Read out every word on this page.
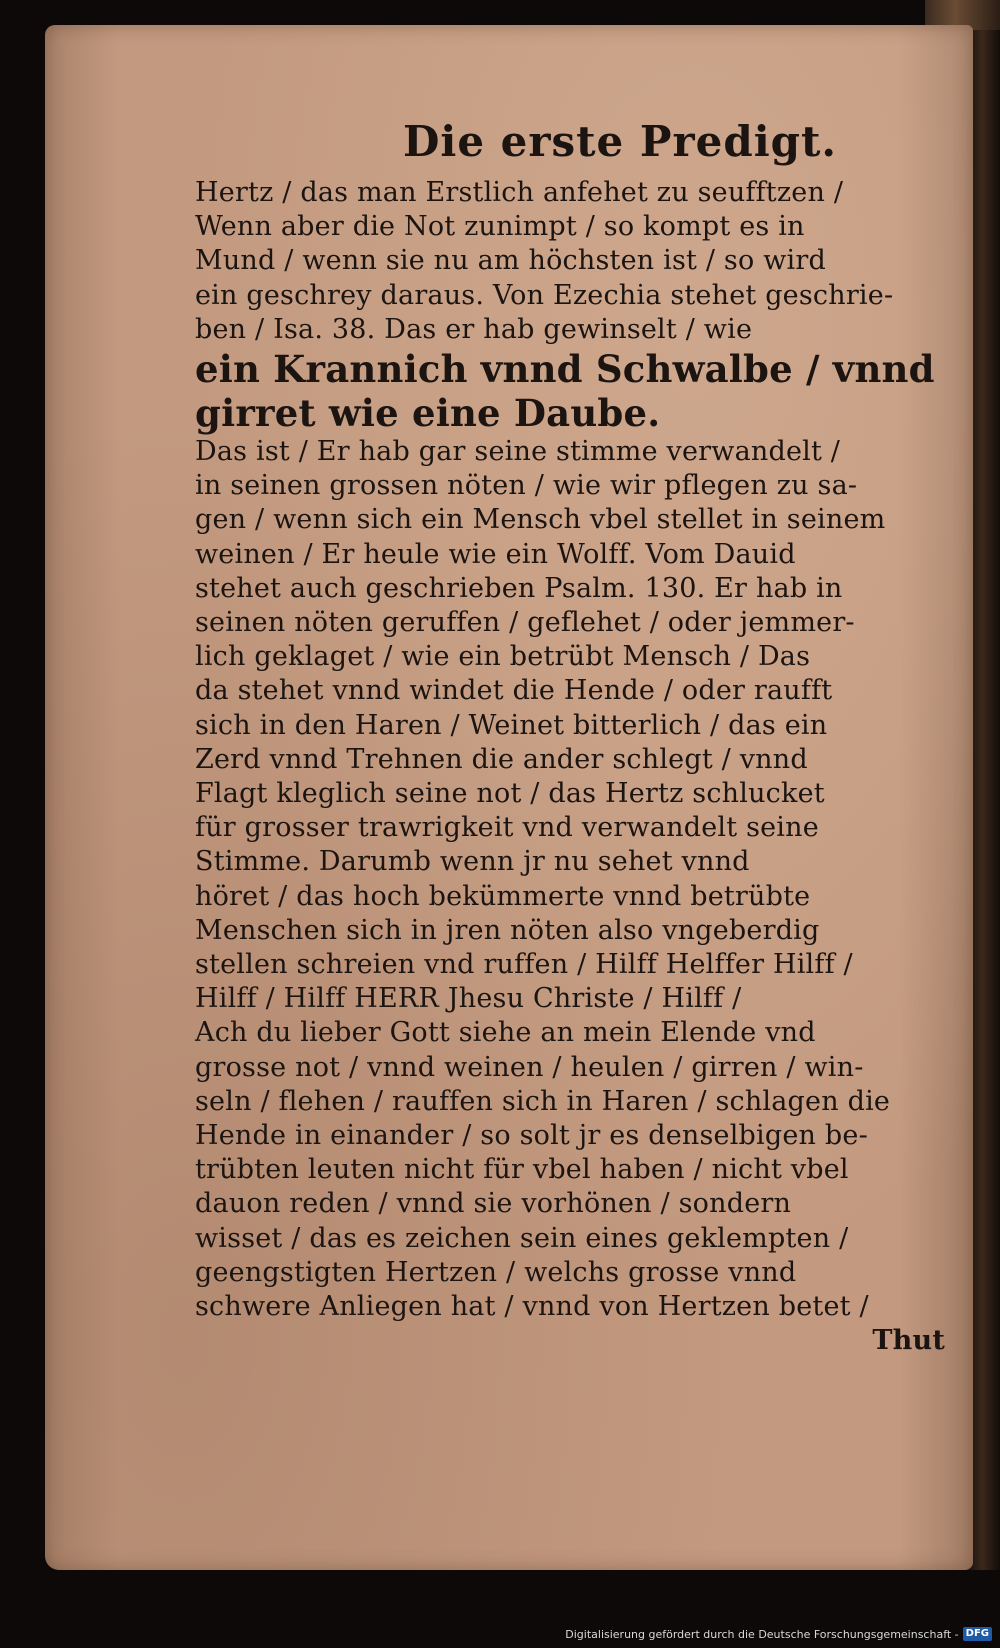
Die erste Predigt.
Hertz / das man Erstlich anfehet zu seufftzen /
Wenn aber die Not zunimpt / so kompt es in
Mund / wenn sie nu am höchsten ist / so wird
ein geschrey daraus. Von Ezechia stehet geschrie-
ben / Isa. 38. Das er hab gewinselt / wie
ein Krannich vnnd Schwalbe / vnnd
girret wie eine Daube.
Das ist / Er hab gar seine stimme verwandelt /
in seinen grossen nöten / wie wir pflegen zu sa-
gen / wenn sich ein Mensch vbel stellet in seinem
weinen / Er heule wie ein Wolff. Vom Dauid
stehet auch geschrieben Psalm. 130. Er hab in
seinen nöten geruffen / geflehet / oder jemmer-
lich geklaget / wie ein betrübt Mensch / Das
da stehet vnnd windet die Hende / oder raufft
sich in den Haren / Weinet bitterlich / das ein
Zerd vnnd Trehnen die ander schlegt / vnnd
Flagt kleglich seine not / das Hertz schlucket
für grosser trawrigkeit vnd verwandelt seine
Stimme. Darumb wenn jr nu sehet vnnd
höret / das hoch bekümmerte vnnd betrübte
Menschen sich in jren nöten also vngeberdig
stellen schreien vnd ruffen / Hilff Helffer Hilff /
Hilff / Hilff HERR Jhesu Christe / Hilff /
Ach du lieber Gott siehe an mein Elende vnd
grosse not / vnnd weinen / heulen / girren / win-
seln / flehen / rauffen sich in Haren / schlagen die
Hende in einander / so solt jr es denselbigen be-
trübten leuten nicht für vbel haben / nicht vbel
dauon reden / vnnd sie vorhönen / sondern
wisset / das es zeichen sein eines geklempten /
geengstigten Hertzen / welchs grosse vnnd
schwere Anliegen hat / vnnd von Hertzen betet /
Thut
Digitalisierung gefördert durch die Deutsche Forschungsgemeinschaft - DFG
